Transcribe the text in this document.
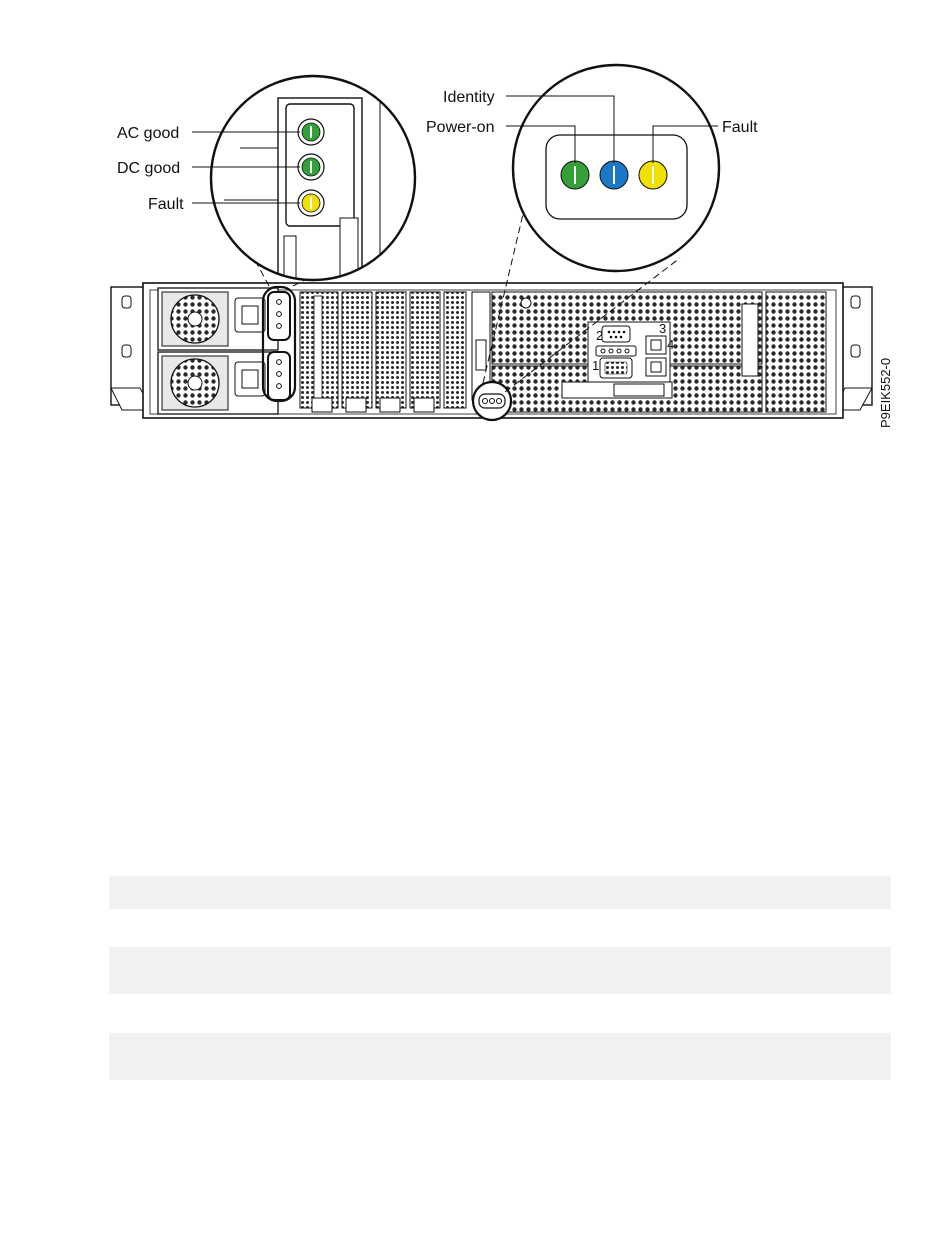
1
2	3
4
AC good
DC good
Fault
Identity
Power-on	Fault
P9EIK552-0
